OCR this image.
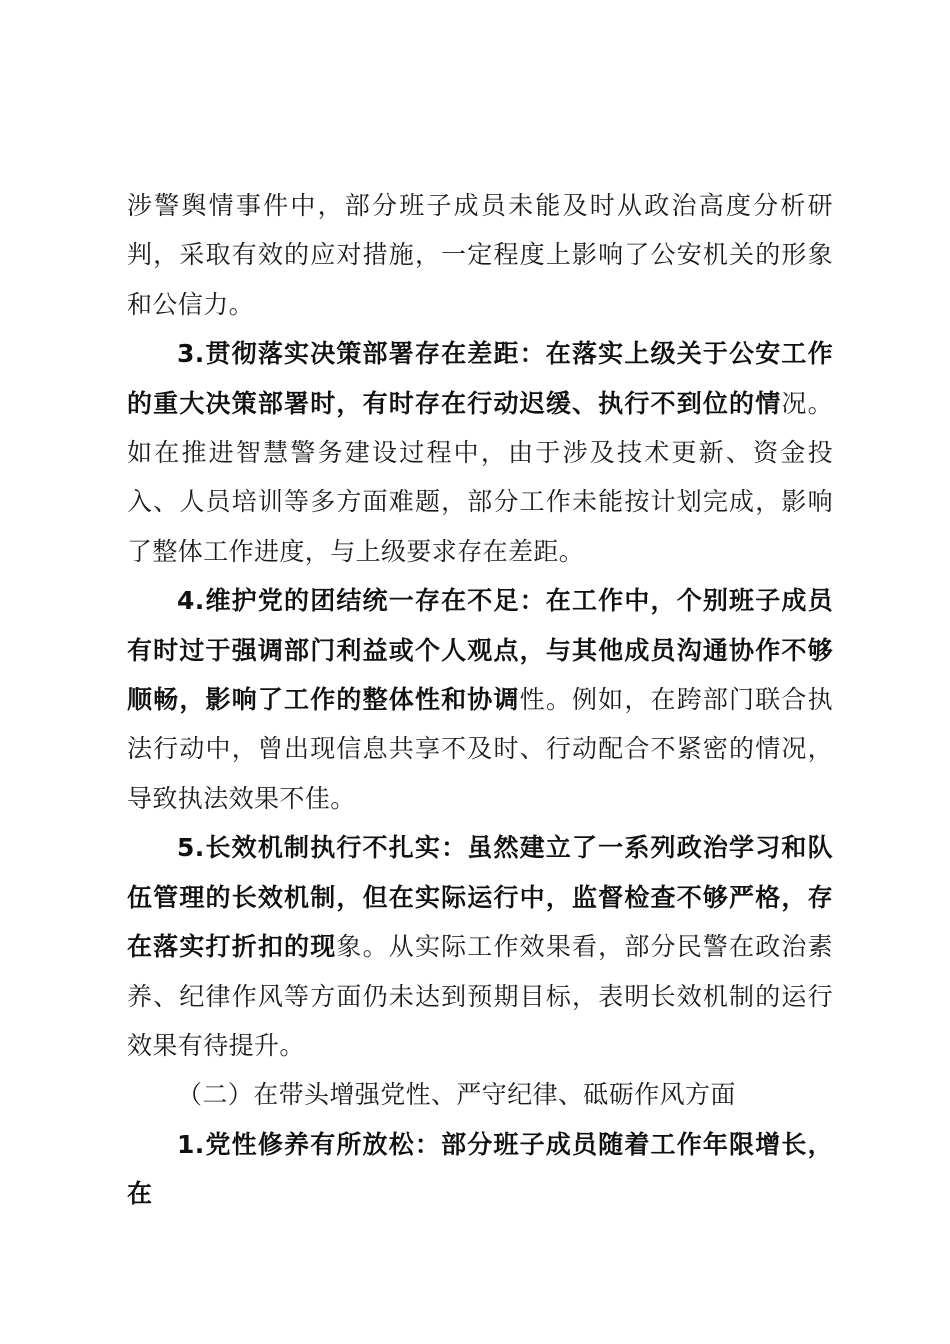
涉警舆情事件中，部分班子成员未能及时从政治高度分析研判，采取有效的应对措施，一定程度上影响了公安机关的形象和公信力。

3.贯彻落实决策部署存在差距：在落实上级关于公安工作的重大决策部署时，有时存在行动迟缓、执行不到位的情况。如在推进智慧警务建设过程中，由于涉及技术更新、资金投入、人员培训等多方面难题，部分工作未能按计划完成，影响了整体工作进度，与上级要求存在差距。

4.维护党的团结统一存在不足：在工作中，个别班子成员有时过于强调部门利益或个人观点，与其他成员沟通协作不够顺畅，影响了工作的整体性和协调性。例如，在跨部门联合执法行动中，曾出现信息共享不及时、行动配合不紧密的情况，导致执法效果不佳。

5.长效机制执行不扎实：虽然建立了一系列政治学习和队伍管理的长效机制，但在实际运行中，监督检查不够严格，存在落实打折扣的现象。从实际工作效果看，部分民警在政治素养、纪律作风等方面仍未达到预期目标，表明长效机制的运行效果有待提升。

（二）在带头增强党性、严守纪律、砥砺作风方面

1.党性修养有所放松：部分班子成员随着工作年限增长，在
